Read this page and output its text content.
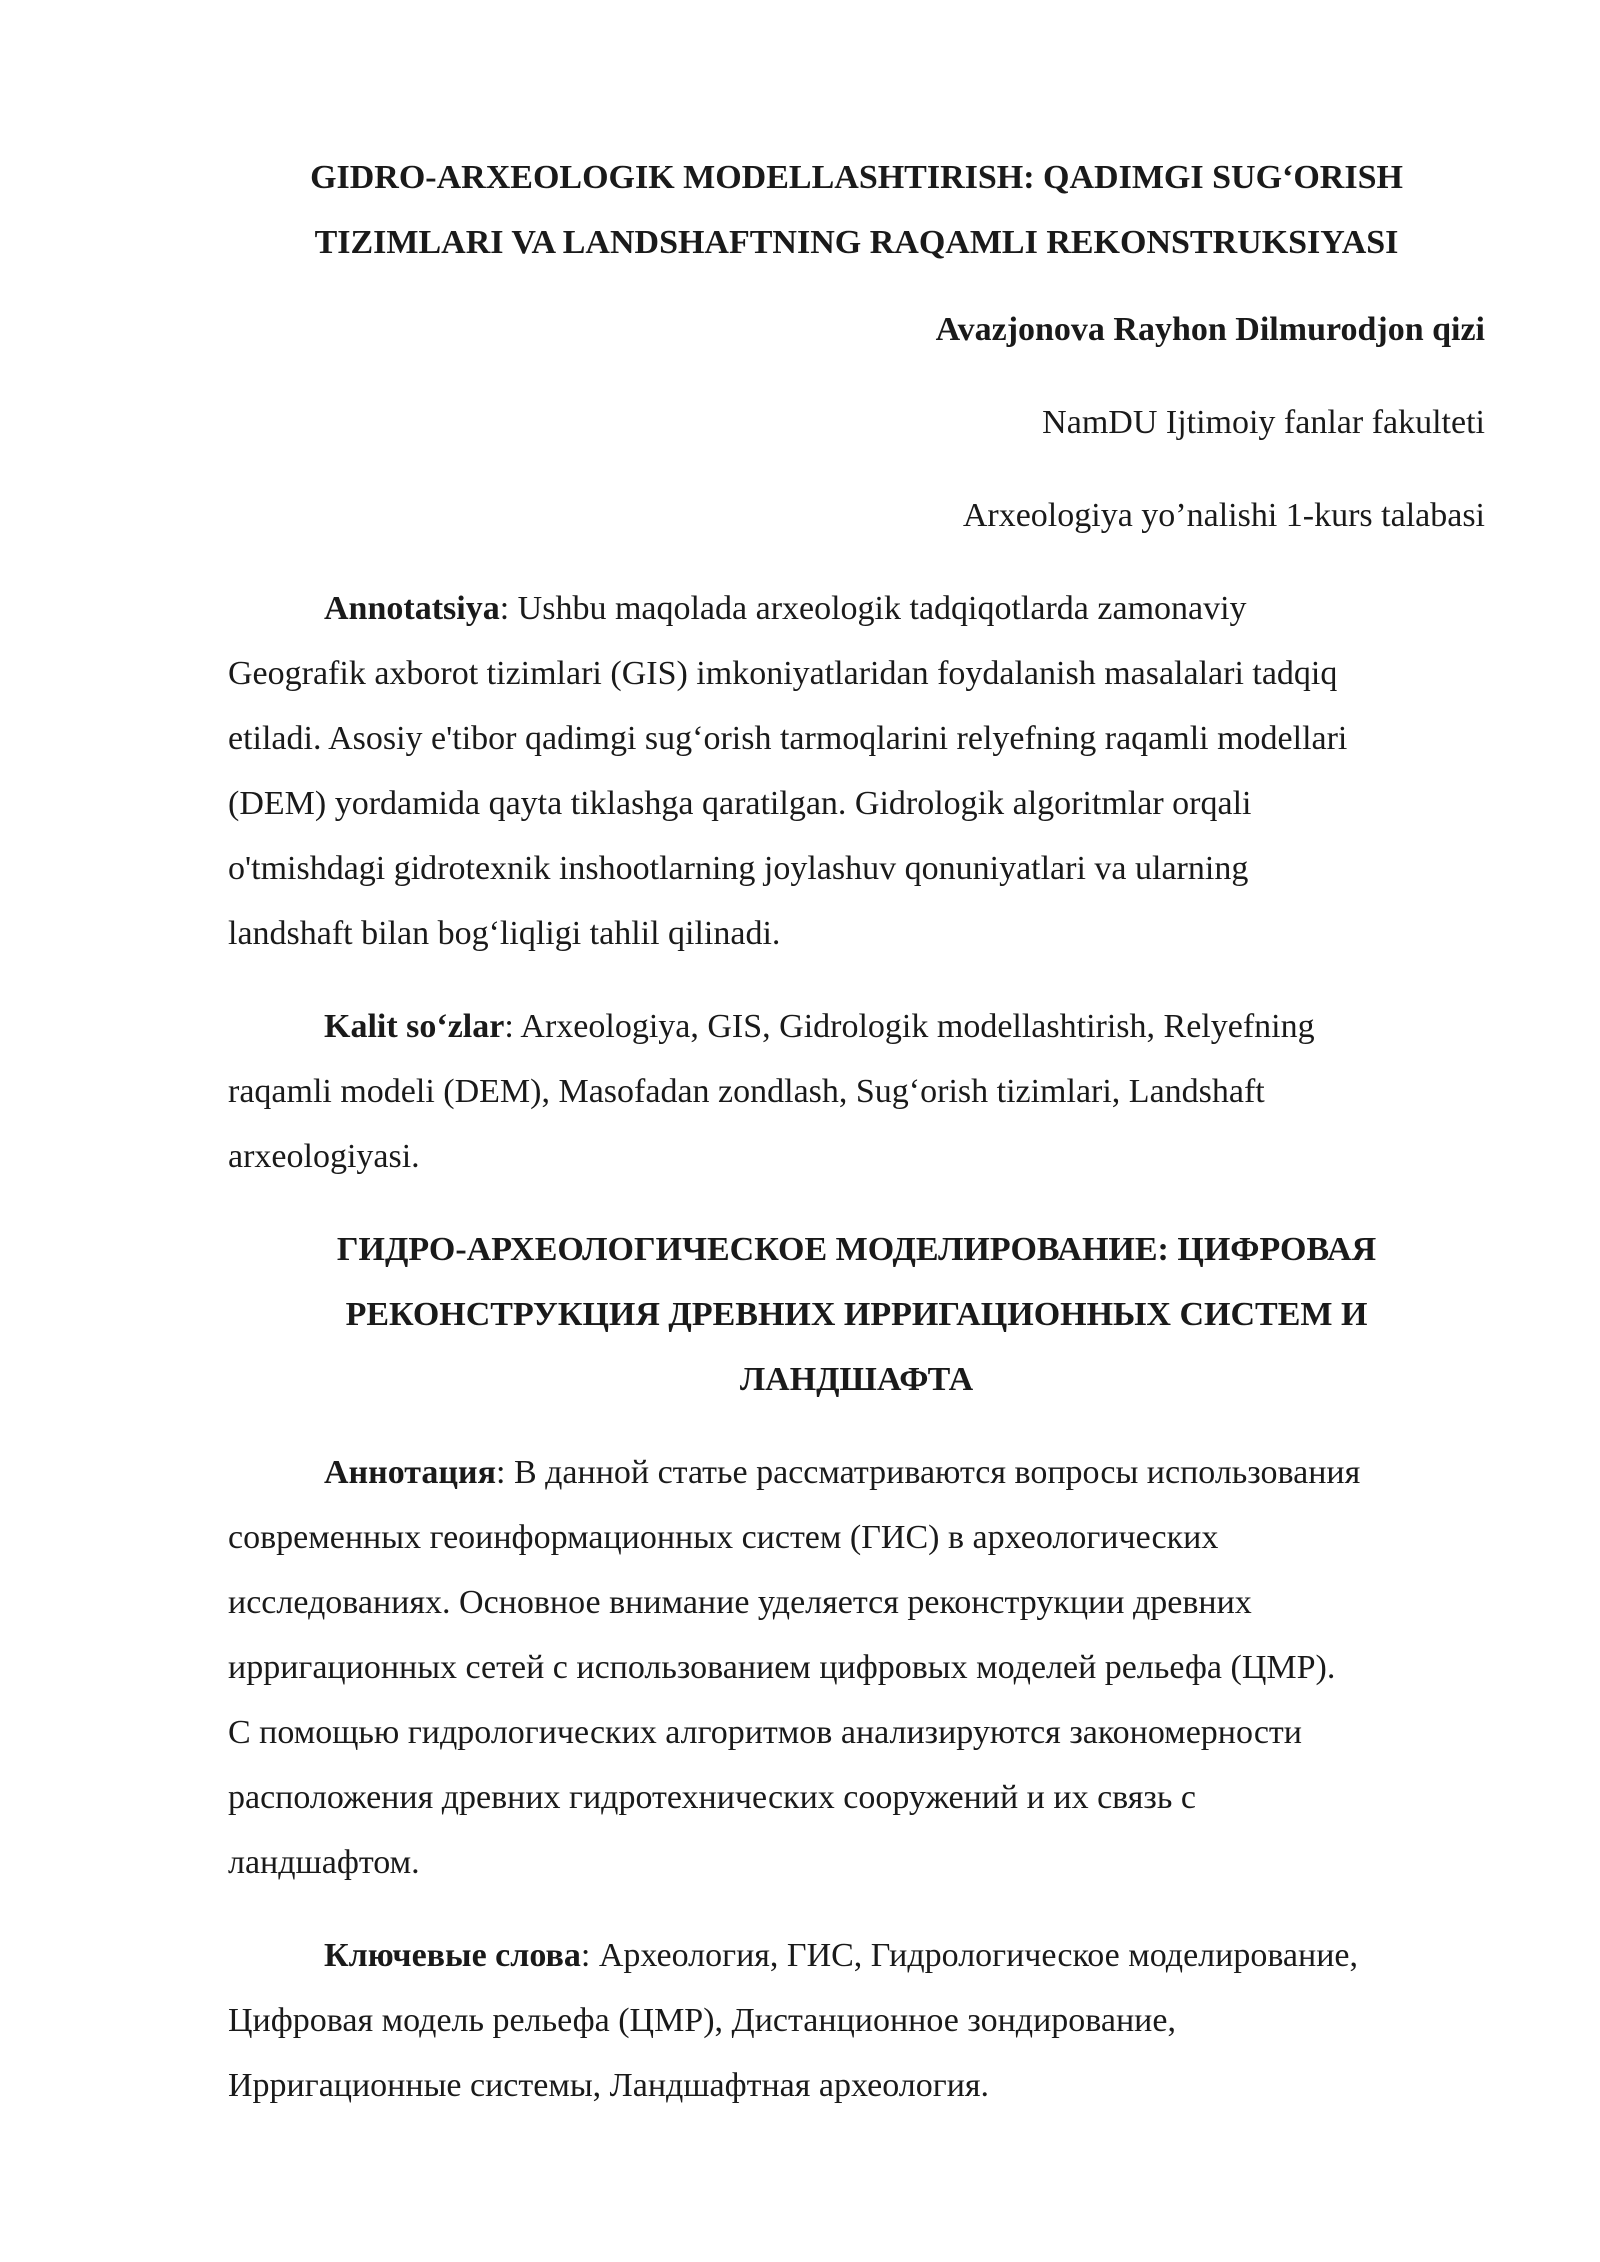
GIDRO-ARXEOLOGIK MODELLASHTIRISH: QADIMGI SUG‘ORISH
TIZIMLARI VA LANDSHAFTNING RAQAMLI REKONSTRUKSIYASI

Avazjonova Rayhon Dilmurodjon qizi

NamDU Ijtimoiy fanlar fakulteti

Arxeologiya yo’nalishi 1-kurs talabasi

Annotatsiya: Ushbu maqolada arxeologik tadqiqotlarda zamonaviy
Geografik axborot tizimlari (GIS) imkoniyatlaridan foydalanish masalalari tadqiq
etiladi. Asosiy e'tibor qadimgi sug‘orish tarmoqlarini relyefning raqamli modellari
(DEM) yordamida qayta tiklashga qaratilgan. Gidrologik algoritmlar orqali
o'tmishdagi gidrotexnik inshootlarning joylashuv qonuniyatlari va ularning
landshaft bilan bog‘liqligi tahlil qilinadi.

Kalit so‘zlar: Arxeologiya, GIS, Gidrologik modellashtirish, Relyefning
raqamli modeli (DEM), Masofadan zondlash, Sug‘orish tizimlari, Landshaft
arxeologiyasi.

ГИДРО-АРХЕОЛОГИЧЕСКОЕ МОДЕЛИРОВАНИЕ: ЦИФРОВАЯ
РЕКОНСТРУКЦИЯ ДРЕВНИХ ИРРИГАЦИОННЫХ СИСТЕМ И
ЛАНДШАФТА

Аннотация: В данной статье рассматриваются вопросы использования
современных геоинформационных систем (ГИС) в археологических
исследованиях. Основное внимание уделяется реконструкции древних
ирригационных сетей с использованием цифровых моделей рельефа (ЦМР).
С помощью гидрологических алгоритмов анализируются закономерности
расположения древних гидротехнических сооружений и их связь с
ландшафтом.

Ключевые слова: Археология, ГИС, Гидрологическое моделирование,
Цифровая модель рельефа (ЦМР), Дистанционное зондирование,
Ирригационные системы, Ландшафтная археология.
